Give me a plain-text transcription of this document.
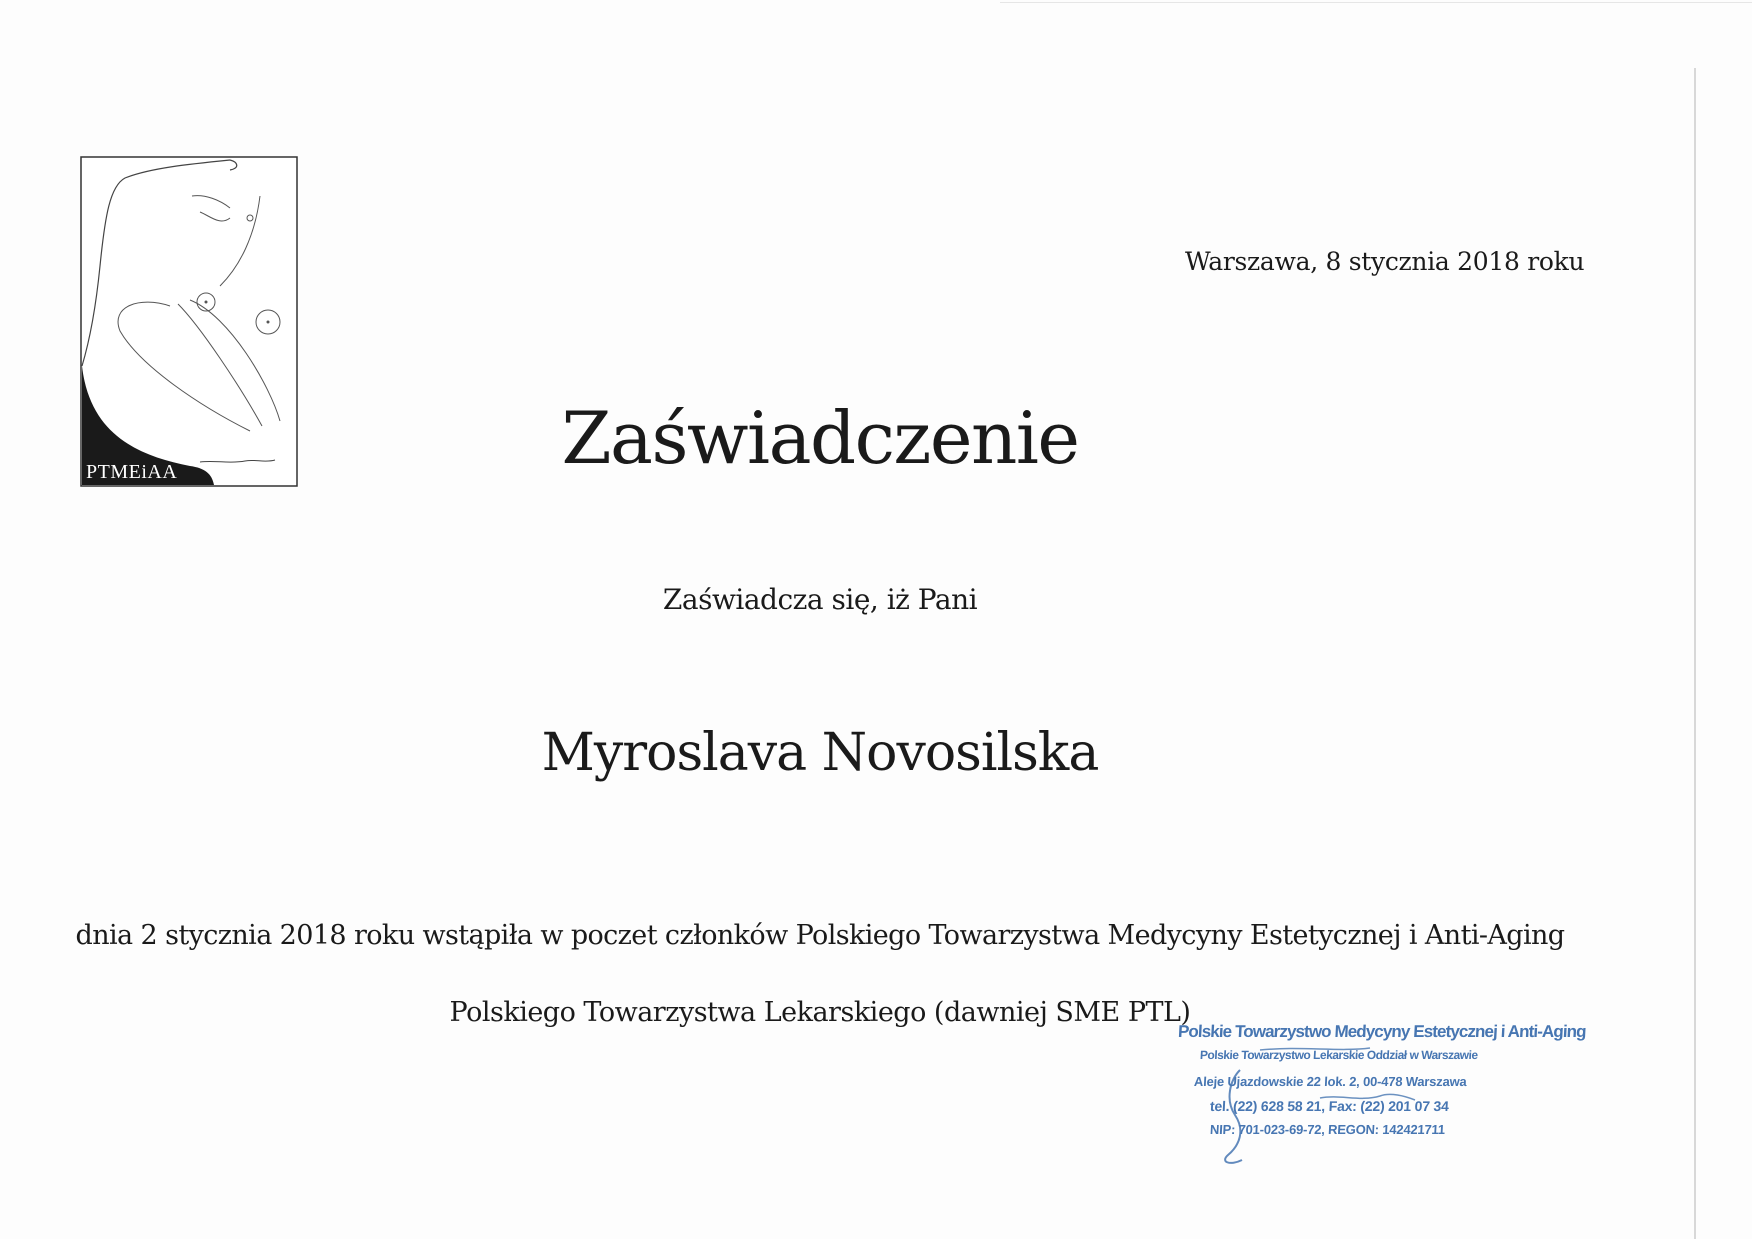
PTMEiAA
Warszawa, 8 stycznia 2018 roku
Zaświadczenie
Zaświadcza się, iż Pani
Myroslava Novosilska
dnia 2 stycznia 2018 roku wstąpiła w poczet członków Polskiego Towarzystwa Medycyny Estetycznej i Anti-Aging
Polskiego Towarzystwa Lekarskiego (dawniej SME PTL)
Polskie Towarzystwo Medycyny Estetycznej i Anti-Aging
Polskie Towarzystwo Lekarskie Oddział w Warszawie
Aleje Ujazdowskie 22 lok. 2, 00-478 Warszawa
tel. (22) 628 58 21, Fax: (22) 201 07 34
NIP: 701-023-69-72, REGON: 142421711
